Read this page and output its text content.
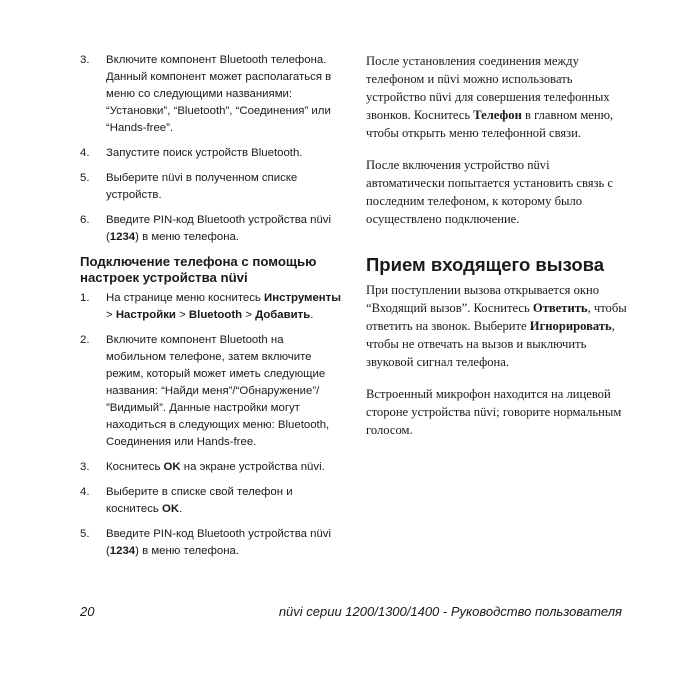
3.	Включите компонент Bluetooth телефона. Данный компонент может располагаться в меню со следующими названиями: “Установки”, “Bluetooth”, “Соединения” или “Hands-free”.
4.	Запустите поиск устройств Bluetooth.
5.	Выберите nüvi в полученном списке устройств.
6.	Введите PIN-код Bluetooth устройства nüvi (1234) в меню телефона.
Подключение телефона с помощью настроек устройства nüvi
1.	На странице меню коснитесь Инструменты > Настройки > Bluetooth > Добавить.
2.	Включите компонент Bluetooth на мобильном телефоне, затем включите режим, который может иметь следующие названия: “Найди меня”/“Обнаружение”/ ”Видимый”. Данные настройки могут находиться в следующих меню: Bluetooth, Соединения или Hands-free.
3.	Коснитесь OK на экране устройства nüvi.
4.	Выберите в списке свой телефон и коснитесь OK.
5.	Введите PIN-код Bluetooth устройства nüvi (1234) в меню телефона.

После установления соединения между телефоном и nüvi можно использовать устройство nüvi для совершения телефонных звонков. Коснитесь Телефон в главном меню, чтобы открыть меню телефонной связи.

После включения устройство nüvi автоматически попытается установить связь с последним телефоном, к которому было осуществлено подключение.

Прием входящего вызова

При поступлении вызова открывается окно “Входящий вызов”. Коснитесь Ответить, чтобы ответить на звонок. Выберите Игнорировать, чтобы не отвечать на вызов и выключить звуковой сигнал телефона.

Встроенный микрофон находится на лицевой стороне устройства nüvi; говорите нормальным голосом.

20	nüvi серии 1200/1300/1400 - Руководство пользователя
